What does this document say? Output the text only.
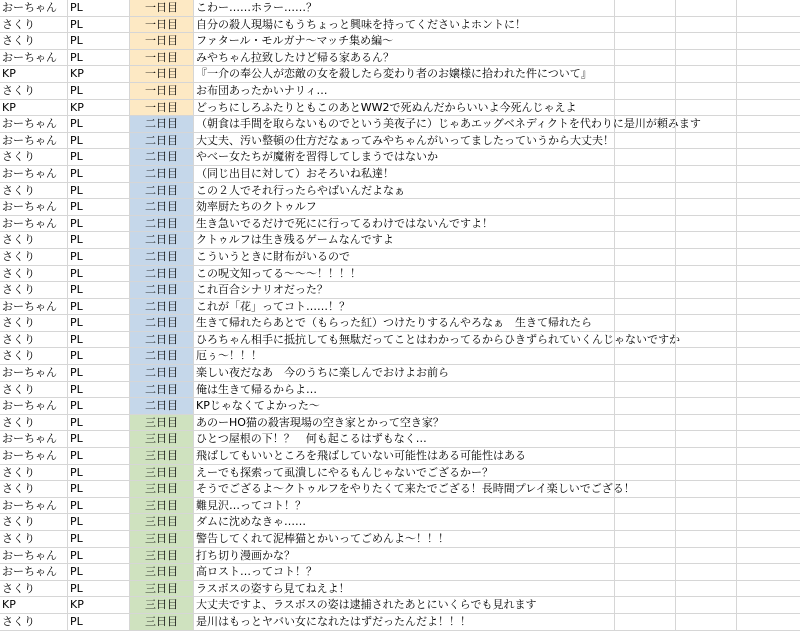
おーちゃん	PL	一日目	こわー……ホラー……？
さくり	PL	一日目	自分の殺人現場にもうちょっと興味を持ってくださいよホントに！
さくり	PL	一日目	ファタール・モルガナ～マッチ集め編～
おーちゃん	PL	一日目	みやちゃん拉致したけど帰る家あるん？
KP	KP	一日目	『一介の奉公人が恋敵の女を殺したら変わり者のお嬢様に拾われた件について』
さくり	PL	一日目	お布団あったかいナリィ…
KP	KP	一日目	どっちにしろふたりともこのあとWW2で死ぬんだからいいよ今死んじゃえよ
おーちゃん	PL	二日目	（朝食は手間を取らないものでという美夜子に）じゃあエッグベネディクトを代わりに是川が頼みます
おーちゃん	PL	二日目	大丈夫、汚い整頓の仕方だなぁってみやちゃんがいってましたっていうから大丈夫！
さくり	PL	二日目	やべー女たちが魔術を習得してしまうではないか
おーちゃん	PL	二日目	（同じ出目に対して）おそろいね私達！
さくり	PL	二日目	この２人でそれ行ったらやばいんだよなぁ
おーちゃん	PL	二日目	効率厨たちのクトゥルフ
おーちゃん	PL	二日目	生き急いでるだけで死にに行ってるわけではないんですよ！
さくり	PL	二日目	クトゥルフは生き残るゲームなんですよ
さくり	PL	二日目	こういうときに財布がいるので
さくり	PL	二日目	この呪文知ってる～～～！！！！
さくり	PL	二日目	これ百合シナリオだった？
おーちゃん	PL	二日目	これが「花」ってコト……！？
さくり	PL	二日目	生きて帰れたらあとで（もらった紅）つけたりするんやろなぁ　生きて帰れたら
さくり	PL	二日目	ひろちゃん相手に抵抗しても無駄だってことはわかってるからひきずられていくんじゃないですか
さくり	PL	二日目	厄ぅ～！！！
おーちゃん	PL	二日目	楽しい夜だなあ　今のうちに楽しんでおけよお前ら
さくり	PL	二日目	俺は生きて帰るからよ…
おーちゃん	PL	二日目	KPじゃなくてよかった～
さくり	PL	三日目	あのーHO猫の殺害現場の空き家とかって空き家？
おーちゃん	PL	三日目	ひとつ屋根の下！？　何も起こるはずもなく…
おーちゃん	PL	三日目	飛ばしてもいいところを飛ばしていない可能性はある可能性はある
さくり	PL	三日目	えーでも探索って虱潰しにやるもんじゃないでござるかー？
さくり	PL	三日目	そうでござるよ～クトゥルフをやりたくて来たでござる！長時間プレイ楽しいでござる！
おーちゃん	PL	三日目	難見沢…ってコト！？
さくり	PL	三日目	ダムに沈めなきゃ……
さくり	PL	三日目	警告してくれて泥棒猫とかいってごめんよ～！！！
おーちゃん	PL	三日目	打ち切り漫画かな？
おーちゃん	PL	三日目	高ロスト…ってコト！？
さくり	PL	三日目	ラスボスの姿すら見てねえよ！
KP	KP	三日目	大丈夫ですよ、ラスボスの姿は逮捕されたあとにいくらでも見れます
さくり	PL	三日目	是川はもっとヤバい女になれたはずだったんだよ！！！
